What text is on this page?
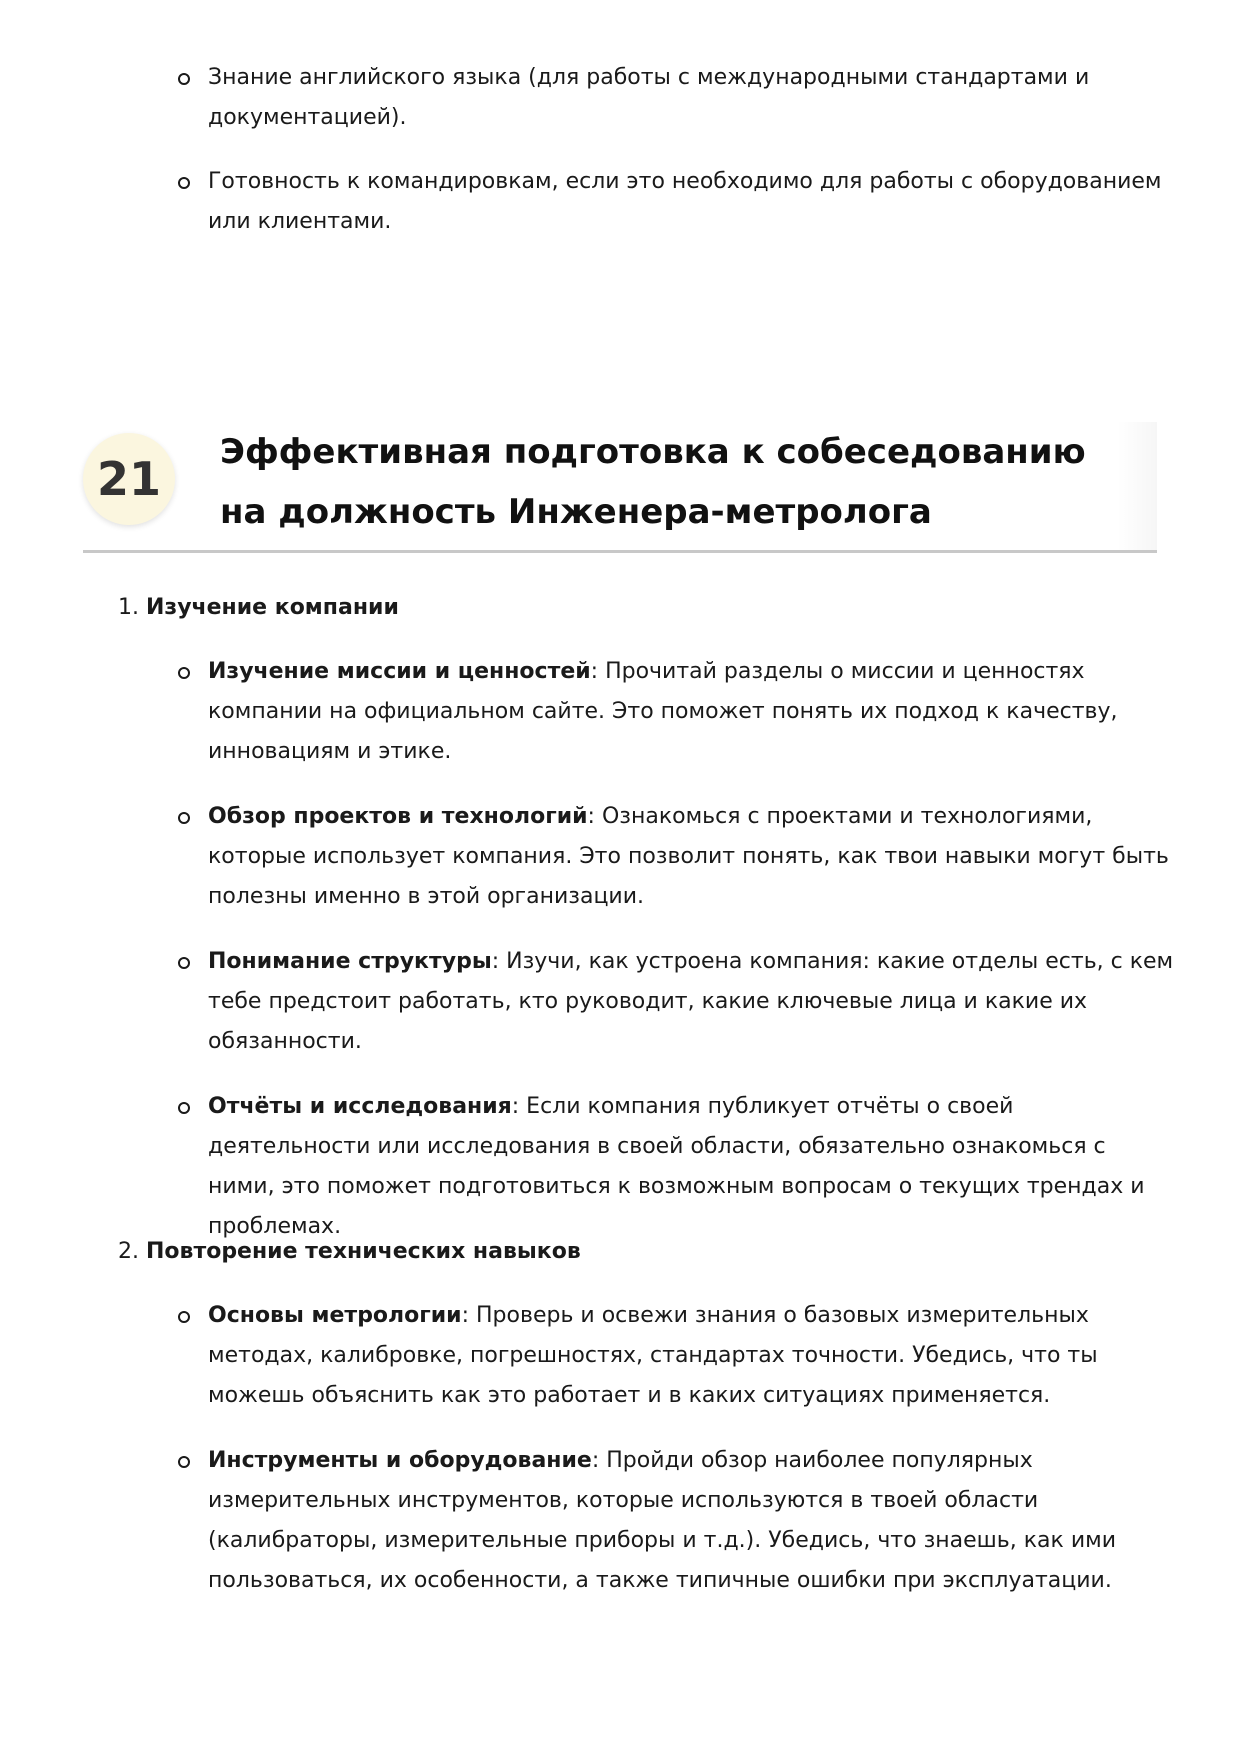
Знание английского языка (для работы с международными стандартами и документацией).
Готовность к командировкам, если это необходимо для работы с оборудованием или клиентами.
21	Эффективная подготовка к собеседованию на должность Инженера-метролога

1. Изучение компании

Изучение миссии и ценностей: Прочитай разделы о миссии и ценностях компании на официальном сайте. Это поможет понять их подход к качеству, инновациям и этике.
Обзор проектов и технологий: Ознакомься с проектами и технологиями, которые использует компания. Это позволит понять, как твои навыки могут быть полезны именно в этой организации.
Понимание структуры: Изучи, как устроена компания: какие отделы есть, с кем тебе предстоит работать, кто руководит, какие ключевые лица и какие их обязанности.
Отчёты и исследования: Если компания публикует отчёты о своей деятельности или исследования в своей области, обязательно ознакомься с ними, это поможет подготовиться к возможным вопросам о текущих трендах и проблемах.

2. Повторение технических навыков

Основы метрологии: Проверь и освежи знания о базовых измерительных методах, калибровке, погрешностях, стандартах точности. Убедись, что ты можешь объяснить как это работает и в каких ситуациях применяется.
Инструменты и оборудование: Пройди обзор наиболее популярных измерительных инструментов, которые используются в твоей области (калибраторы, измерительные приборы и т.д.). Убедись, что знаешь, как ими пользоваться, их особенности, а также типичные ошибки при эксплуатации.
